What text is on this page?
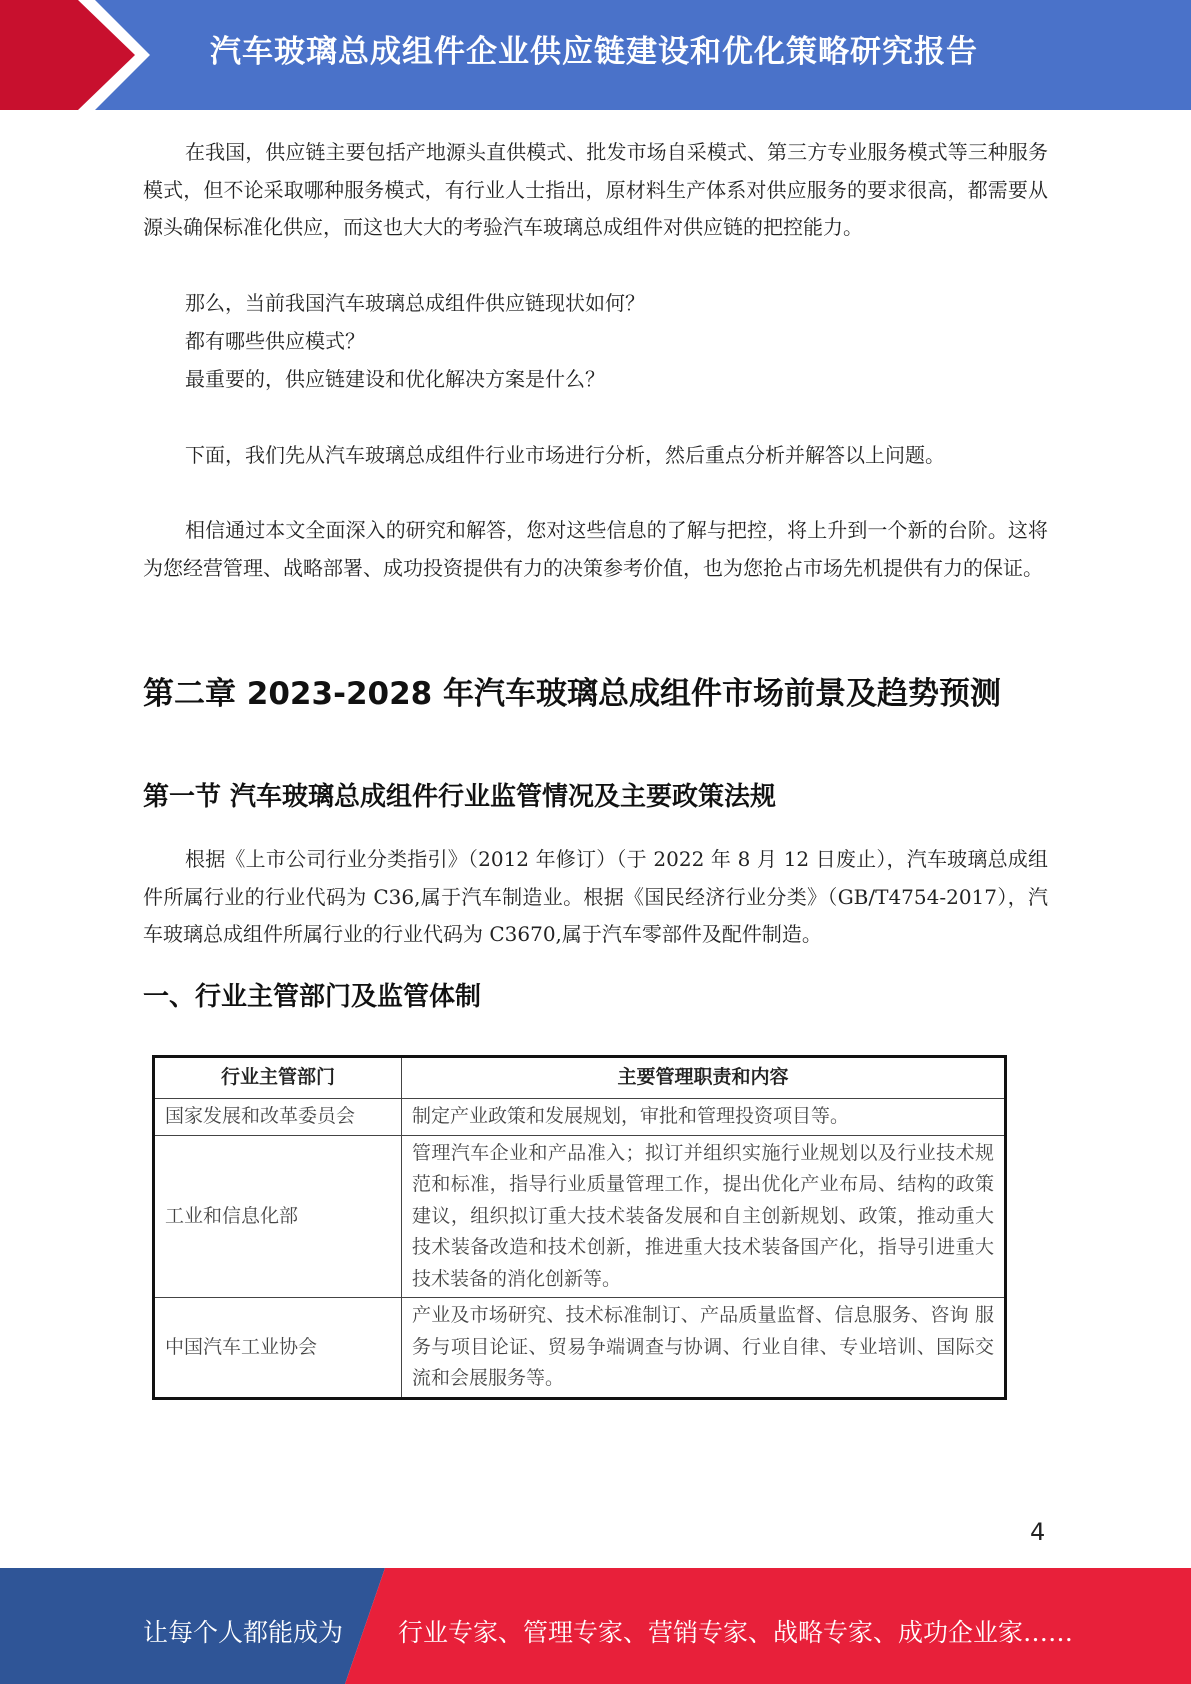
汽车玻璃总成组件企业供应链建设和优化策略研究报告

在我国，供应链主要包括产地源头直供模式、批发市场自采模式、第三方专业服务模式等三种服务模式，但不论采取哪种服务模式，有行业人士指出，原材料生产体系对供应服务的要求很高，都需要从源头确保标准化供应，而这也大大的考验汽车玻璃总成组件对供应链的把控能力。

那么，当前我国汽车玻璃总成组件供应链现状如何？

都有哪些供应模式？

最重要的，供应链建设和优化解决方案是什么？

下面，我们先从汽车玻璃总成组件行业市场进行分析，然后重点分析并解答以上问题。

相信通过本文全面深入的研究和解答，您对这些信息的了解与把控，将上升到一个新的台阶。这将为您经营管理、战略部署、成功投资提供有力的决策参考价值，也为您抢占市场先机提供有力的保证。

第二章 2023-2028 年汽车玻璃总成组件市场前景及趋势预测
第一节 汽车玻璃总成组件行业监管情况及主要政策法规

根据《上市公司行业分类指引》（2012 年修订）（于 2022 年 8 月 12 日废止），汽车玻璃总成组件所属行业的行业代码为 C36,属于汽车制造业。根据《国民经济行业分类》（GB/T4754-2017），汽车玻璃总成组件所属行业的行业代码为 C3670,属于汽车零部件及配件制造。

一、行业主管部门及监管体制
行业主管部门	主要管理职责和内容
国家发展和改革委员会	制定产业政策和发展规划，审批和管理投资项目等。
工业和信息化部	管理汽车企业和产品准入；拟订并组织实施行业规划以及行业技术规范和标准，指导行业质量管理工作，提出优化产业布局、结构的政策建议，组织拟订重大技术装备发展和自主创新规划、政策，推动重大技术装备改造和技术创新，推进重大技术装备国产化，指导引进重大技术装备的消化创新等。
中国汽车工业协会	产业及市场研究、技术标准制订、产品质量监督、信息服务、咨询 服务与项目论证、贸易争端调查与协调、行业自律、专业培训、国际交流和会展服务等。
4
让每个人都能成为 行业专家、管理专家、营销专家、战略专家、成功企业家……
